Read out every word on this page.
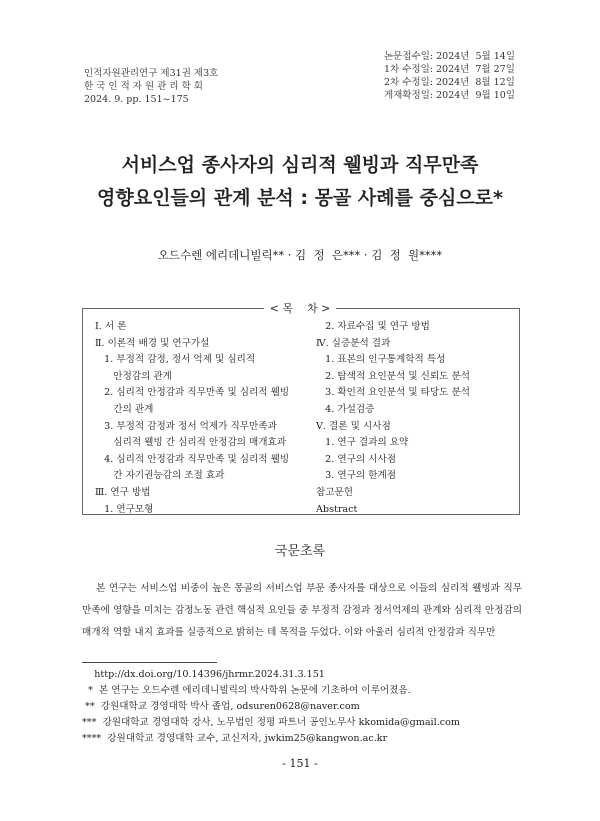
인적자원관리연구 제31권 제3호
한 국 인 적 자 원 관 리 학 회
2024. 9. pp. 151~175
논문접수일: 2024년  5월 14일
1차 수정일: 2024년  7월 27일
2차 수정일: 2024년  8월 12일
게재확정일: 2024년  9월 10일
서비스업 종사자의 심리적 웰빙과 직무만족
영향요인들의 관계 분석 : 몽골 사례를 중심으로*
오드수렌 에리데니빌릭** · 김  정  은*** · 김  정  원****
< 목    차 >
Ⅰ. 서 론
Ⅱ. 이론적 배경 및 연구가설
1. 부정적 감정, 정서 억제 및 심리적
안정감의 관계
2. 심리적 안정감과 직무만족 및 심리적 웰빙
간의 관계
3. 부정적 감정과 정서 억제가 직무만족과
심리적 웰빙 간 심리적 안정감의 매개효과
4. 심리적 안정감과 직무만족 및 심리적 웰빙
간 자기권능감의 조절 효과
Ⅲ. 연구 방법
1. 연구모형
2. 자료수집 및 연구 방법
Ⅳ. 실증분석 결과
1. 표본의 인구통계학적 특성
2. 탐색적 요인분석 및 신뢰도 분석
3. 확인적 요인분석 및 타당도 분석
4. 가설검증
Ⅴ. 결론 및 시사점
1. 연구 결과의 요약
2. 연구의 시사점
3. 연구의 한계점
참고문헌
Abstract
국문초록
본 연구는 서비스업 비중이 높은 몽골의 서비스업 부문 종사자를 대상으로 이들의 심리적 웰빙과 직무만족에 영향을 미치는 감정노동 관련 핵심적 요인들 중 부정적 감정과 정서억제의 관계와 심리적 안정감의 매개적 역할 내지 효과를 실증적으로 밝히는 데 목적을 두었다. 이와 아울러 심리적 안정감과 직무만
http://dx.doi.org/10.14396/jhrmr.2024.31.3.151
*  본 연구는 오드수렌 에리데니빌릭의 박사학위 논문에 기초하여 이루어졌음.
**  강원대학교 경영대학 박사 졸업, odsuren0628@naver.com
***  강원대학교 경영대학 강사, 노무법인 정평 파트너 공인노무사 kkomida@gmail.com
****  강원대학교 경영대학 교수, 교신저자, jwkim25@kangwon.ac.kr
- 151 -
